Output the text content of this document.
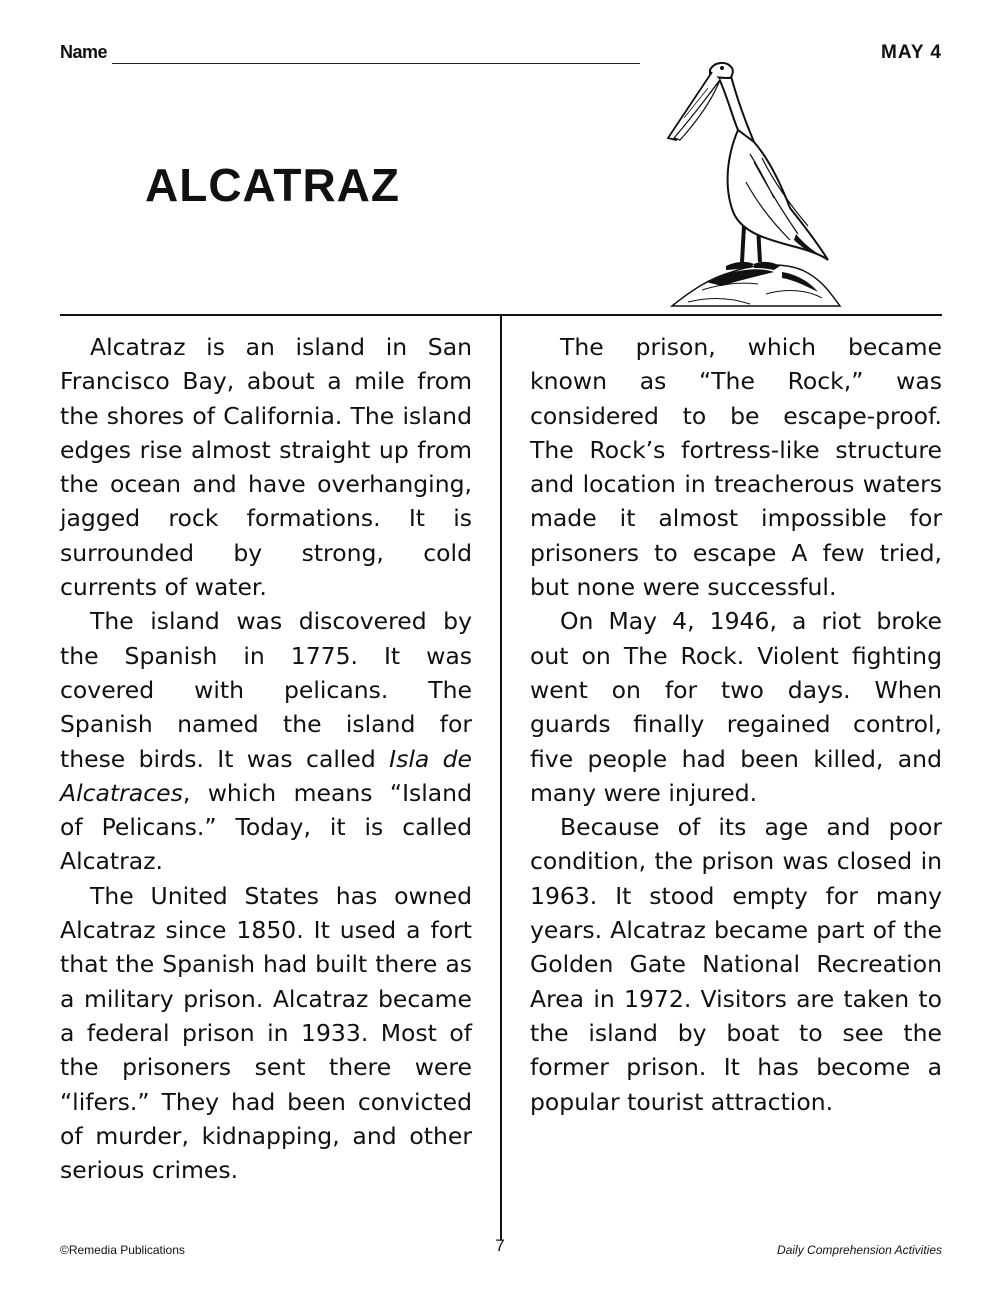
Name	MAY 4
ALCATRAZ

Alcatraz is an island in San Francisco Bay, about a mile from the shores of California. The island edges rise almost straight up from the ocean and have overhanging, jagged rock formations. It is surrounded by strong, cold currents of water.

The island was discovered by the Spanish in 1775. It was covered with pelicans. The Spanish named the island for these birds. It was called Isla de Alcatraces, which means “Island of Pelicans.” Today, it is called Alcatraz.

The United States has owned Alcatraz since 1850. It used a fort that the Spanish had built there as a military prison. Alcatraz became a federal prison in 1933. Most of the prisoners sent there were “lifers.” They had been convicted of murder, kidnapping, and other serious crimes.

The prison, which became known as “The Rock,” was considered to be escape-proof. The Rock’s fortress-like structure and location in treacherous waters made it almost impossible for prisoners to escape A few tried, but none were successful.

On May 4, 1946, a riot broke out on The Rock. Violent fighting went on for two days. When guards finally regained control, five people had been killed, and many were injured.

Because of its age and poor condition, the prison was closed in 1963. It stood empty for many years. Alcatraz became part of the Golden Gate National Recreation Area in 1972. Visitors are taken to the island by boat to see the former prison. It has become a popular tourist attraction.

©Remedia Publications	7	Daily Comprehension Activities
